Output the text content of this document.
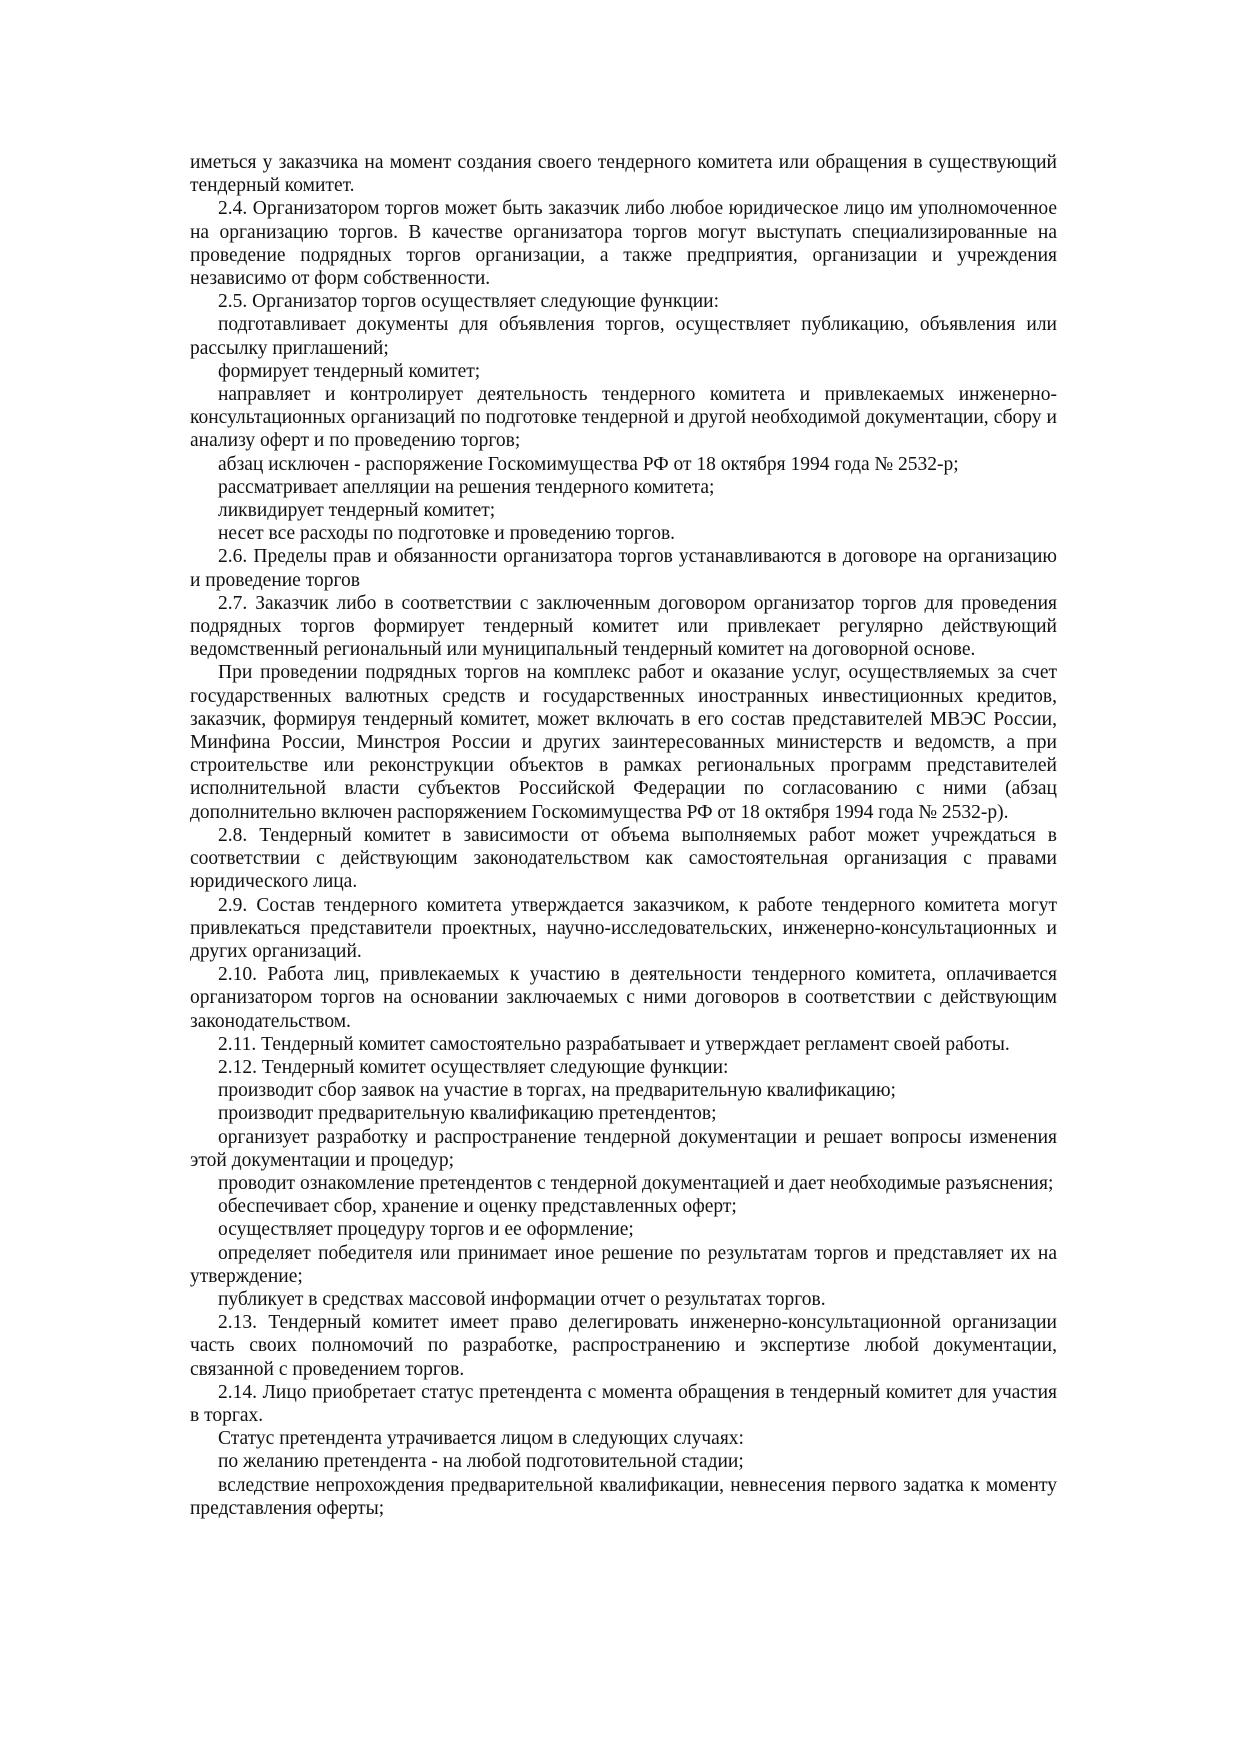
иметься у заказчика на момент создания своего тендерного комитета или обращения в существующий тендерный комитет.

2.4. Организатором торгов может быть заказчик либо любое юридическое лицо им уполномоченное на организацию торгов. В качестве организатора торгов могут выступать специализированные на проведение подрядных торгов организации, а также предприятия, организации и учреждения независимо от форм собственности.

2.5. Организатор торгов осуществляет следующие функции:

подготавливает документы для объявления торгов, осуществляет публикацию, объявления или рассылку приглашений;

формирует тендерный комитет;

направляет и контролирует деятельность тендерного комитета и привлекаемых инженерно-консультационных организаций по подготовке тендерной и другой необходимой документации, сбору и анализу оферт и по проведению торгов;

абзац исключен - распоряжение Госкомимущества РФ от 18 октября 1994 года № 2532-р;

рассматривает апелляции на решения тендерного комитета;

ликвидирует тендерный комитет;

несет все расходы по подготовке и проведению торгов.

2.6. Пределы прав и обязанности организатора торгов устанавливаются в договоре на организацию и проведение торгов

2.7. Заказчик либо в соответствии с заключенным договором организатор торгов для проведения подрядных торгов формирует тендерный комитет или привлекает регулярно действующий ведомственный региональный или муниципальный тендерный комитет на договорной основе.

При проведении подрядных торгов на комплекс работ и оказание услуг, осуществляемых за счет государственных валютных средств и государственных иностранных инвестиционных кредитов, заказчик, формируя тендерный комитет, может включать в его состав представителей МВЭС России, Минфина России, Минстроя России и других заинтересованных министерств и ведомств, а при строительстве или реконструкции объектов в рамках региональных программ представителей исполнительной власти субъектов Российской Федерации по согласованию с ними (абзац дополнительно включен распоряжением Госкомимущества РФ от 18 октября 1994 года № 2532-р).

2.8. Тендерный комитет в зависимости от объема выполняемых работ может учреждаться в соответствии с действующим законодательством как самостоятельная организация с правами юридического лица.

2.9. Состав тендерного комитета утверждается заказчиком, к работе тендерного комитета могут привлекаться представители проектных, научно-исследовательских, инженерно-консультационных и других организаций.

2.10. Работа лиц, привлекаемых к участию в деятельности тендерного комитета, оплачивается организатором торгов на основании заключаемых с ними договоров в соответствии с действующим законодательством.

2.11. Тендерный комитет самостоятельно разрабатывает и утверждает регламент своей работы.

2.12. Тендерный комитет осуществляет следующие функции:

производит сбор заявок на участие в торгах, на предварительную квалификацию;

производит предварительную квалификацию претендентов;

организует разработку и распространение тендерной документации и решает вопросы изменения этой документации и процедур;

проводит ознакомление претендентов с тендерной документацией и дает необходимые разъяснения;

обеспечивает сбор, хранение и оценку представленных оферт;

осуществляет процедуру торгов и ее оформление;

определяет победителя или принимает иное решение по результатам торгов и представляет их на утверждение;

публикует в средствах массовой информации отчет о результатах торгов.

2.13. Тендерный комитет имеет право делегировать инженерно-консультационной организации часть своих полномочий по разработке, распространению и экспертизе любой документации, связанной с проведением торгов.

2.14. Лицо приобретает статус претендента с момента обращения в тендерный комитет для участия в торгах.

Статус претендента утрачивается лицом в следующих случаях:

по желанию претендента - на любой подготовительной стадии;

вследствие непрохождения предварительной квалификации, невнесения первого задатка к моменту представления оферты;
